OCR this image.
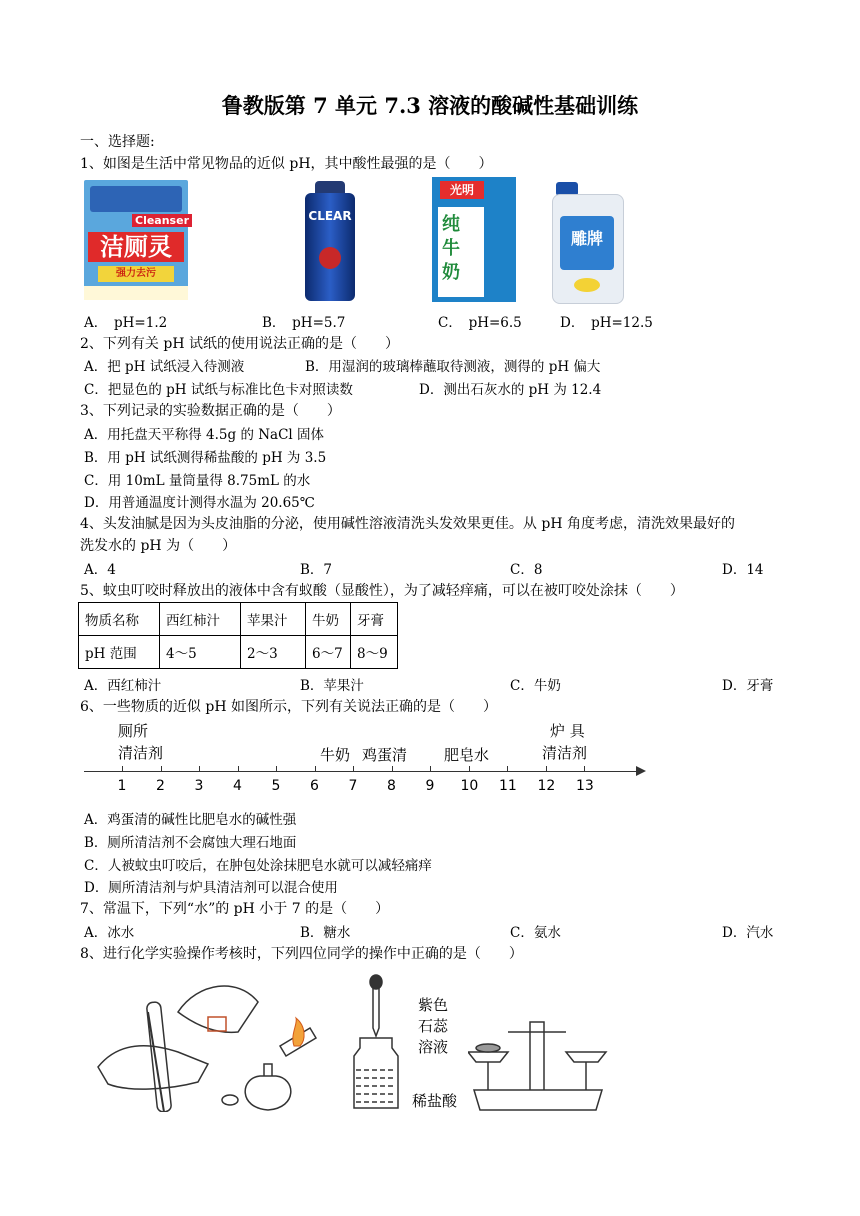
鲁教版第 7 单元 7.3 溶液的酸碱性基础训练
一、选择题:
1、如图是生活中常见物品的近似 pH，其中酸性最强的是（　　）
Cleanser
洁厕灵
强力去污
CLEAR
光明
纯牛奶
雕牌
A．　pH=1.2	B．　pH=5.7	C．　pH=6.5	D．　pH=12.5
2、下列有关 pH 试纸的使用说法正确的是（　　）
A．把 pH 试纸浸入待测液	B．用湿润的玻璃棒蘸取待测液，测得的 pH 偏大
C．把显色的 pH 试纸与标准比色卡对照读数	D．测出石灰水的 pH 为 12.4
3、下列记录的实验数据正确的是（　　）
A．用托盘天平称得 4.5g 的 NaCl 固体
B．用 pH 试纸测得稀盐酸的 pH 为 3.5
C．用 10mL 量筒量得 8.75mL 的水
D．用普通温度计测得水温为 20.65℃
4、头发油腻是因为头皮油脂的分泌，使用碱性溶液清洗头发效果更佳。从 pH 角度考虑，清洗效果最好的
洗发水的 pH 为（　　）
A．4	B．7	C．8	D．14
5、蚊虫叮咬时释放出的液体中含有蚁酸（显酸性），为了减轻痒痛，可以在被叮咬处涂抹（　　）
物质名称	西红柿汁	苹果汁	牛奶	牙膏
pH 范围	4～5	2～3	6～7	8～9
A．西红柿汁	B．苹果汁	C．牛奶	D．牙膏
6、一些物质的近似 pH 如图所示，下列有关说法正确的是（　　）
厕所
清洁剂	牛奶 鸡蛋清 肥皂水
炉 具
清洁剂
1 2 3 4 5 6 7 8 9 10 11 12 13
A．鸡蛋清的碱性比肥皂水的碱性强
B．厕所清洁剂不会腐蚀大理石地面
C．人被蚊虫叮咬后，在肿包处涂抹肥皂水就可以减轻痛痒
D．厕所清洁剂与炉具清洁剂可以混合使用
7、常温下，下列“水”的 pH 小于 7 的是（　　）
A．冰水	B．糖水	C．氨水	D．汽水
8、进行化学实验操作考核时，下列四位同学的操作中正确的是（　　）
紫色
石蕊
溶液
稀盐酸
